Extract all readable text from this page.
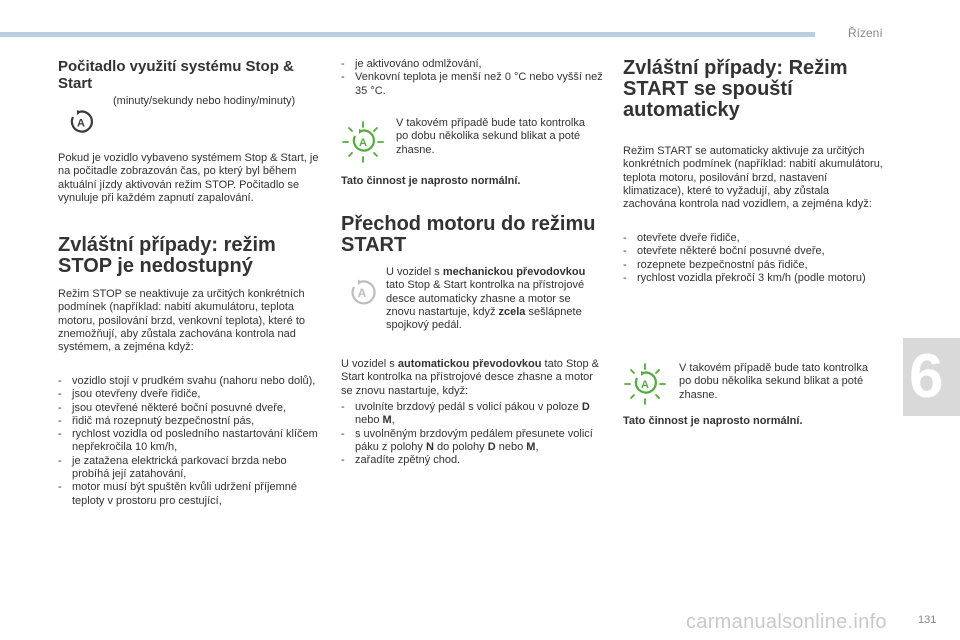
Řízení

Počitadlo využití systému Stop & Start

(minuty/sekundy nebo hodiny/minuty)

A

Pokud je vozidlo vybaveno systémem Stop & Start, je na počitadle zobrazován čas, po který byl během aktuální jízdy aktivován režim STOP. Počitadlo se vynuluje při každém zapnutí zapalování.

Zvláštní případy: režim STOP je nedostupný

Režim STOP se neaktivuje za určitých konkrétních podmínek (například: nabití akumulátoru, teplota motoru, posilování brzd, venkovní teplota), které to znemožňují, aby zůstala zachována kontrola nad systémem, a zejména když:

- vozidlo stojí v prudkém svahu (nahoru nebo dolů),
- jsou otevřeny dveře řidiče,
- jsou otevřené některé boční posuvné dveře,
- řidič má rozepnutý bezpečnostní pás,
- rychlost vozidla od posledního nastartování klíčem nepřekročila 10 km/h,
- je zatažena elektrická parkovací brzda nebo probíhá její zatahování,
- motor musí být spuštěn kvůli udržení příjemné teploty v prostoru pro cestující,
- je aktivováno odmlžování,
- Venkovní teplota je menší než 0 °C nebo vyšší než 35 °C.
A

V takovém případě bude tato kontrolka po dobu několika sekund blikat a poté zhasne.

Tato činnost je naprosto normální.

Přechod motoru do režimu START

A

U vozidel s mechanickou převodovkou tato Stop & Start kontrolka na přístrojové desce automaticky zhasne a motor se znovu nastartuje, když zcela sešlápnete spojkový pedál.

U vozidel s automatickou převodovkou tato Stop & Start kontrolka na přístrojové desce zhasne a motor se znovu nastartuje, když:

- uvolníte brzdový pedál s volicí pákou v poloze D nebo M,
- s uvolněným brzdovým pedálem přesunete volicí páku z polohy N do polohy D nebo M,
- zařadíte zpětný chod.

Zvláštní případy: Režim START se spouští automaticky

Režim START se automaticky aktivuje za určitých konkrétních podmínek (například: nabití akumulátoru, teplota motoru, posilování brzd, nastavení klimatizace), které to vyžadují, aby zůstala zachována kontrola nad vozidlem, a zejména když:

- otevřete dveře řidiče,
- otevřete některé boční posuvné dveře,
- rozepnete bezpečnostní pás řidiče,
- rychlost vozidla překročí 3 km/h (podle motoru)
A

V takovém případě bude tato kontrolka po dobu několika sekund blikat a poté zhasne.

Tato činnost je naprosto normální.

6
carmanualsonline.info	131
